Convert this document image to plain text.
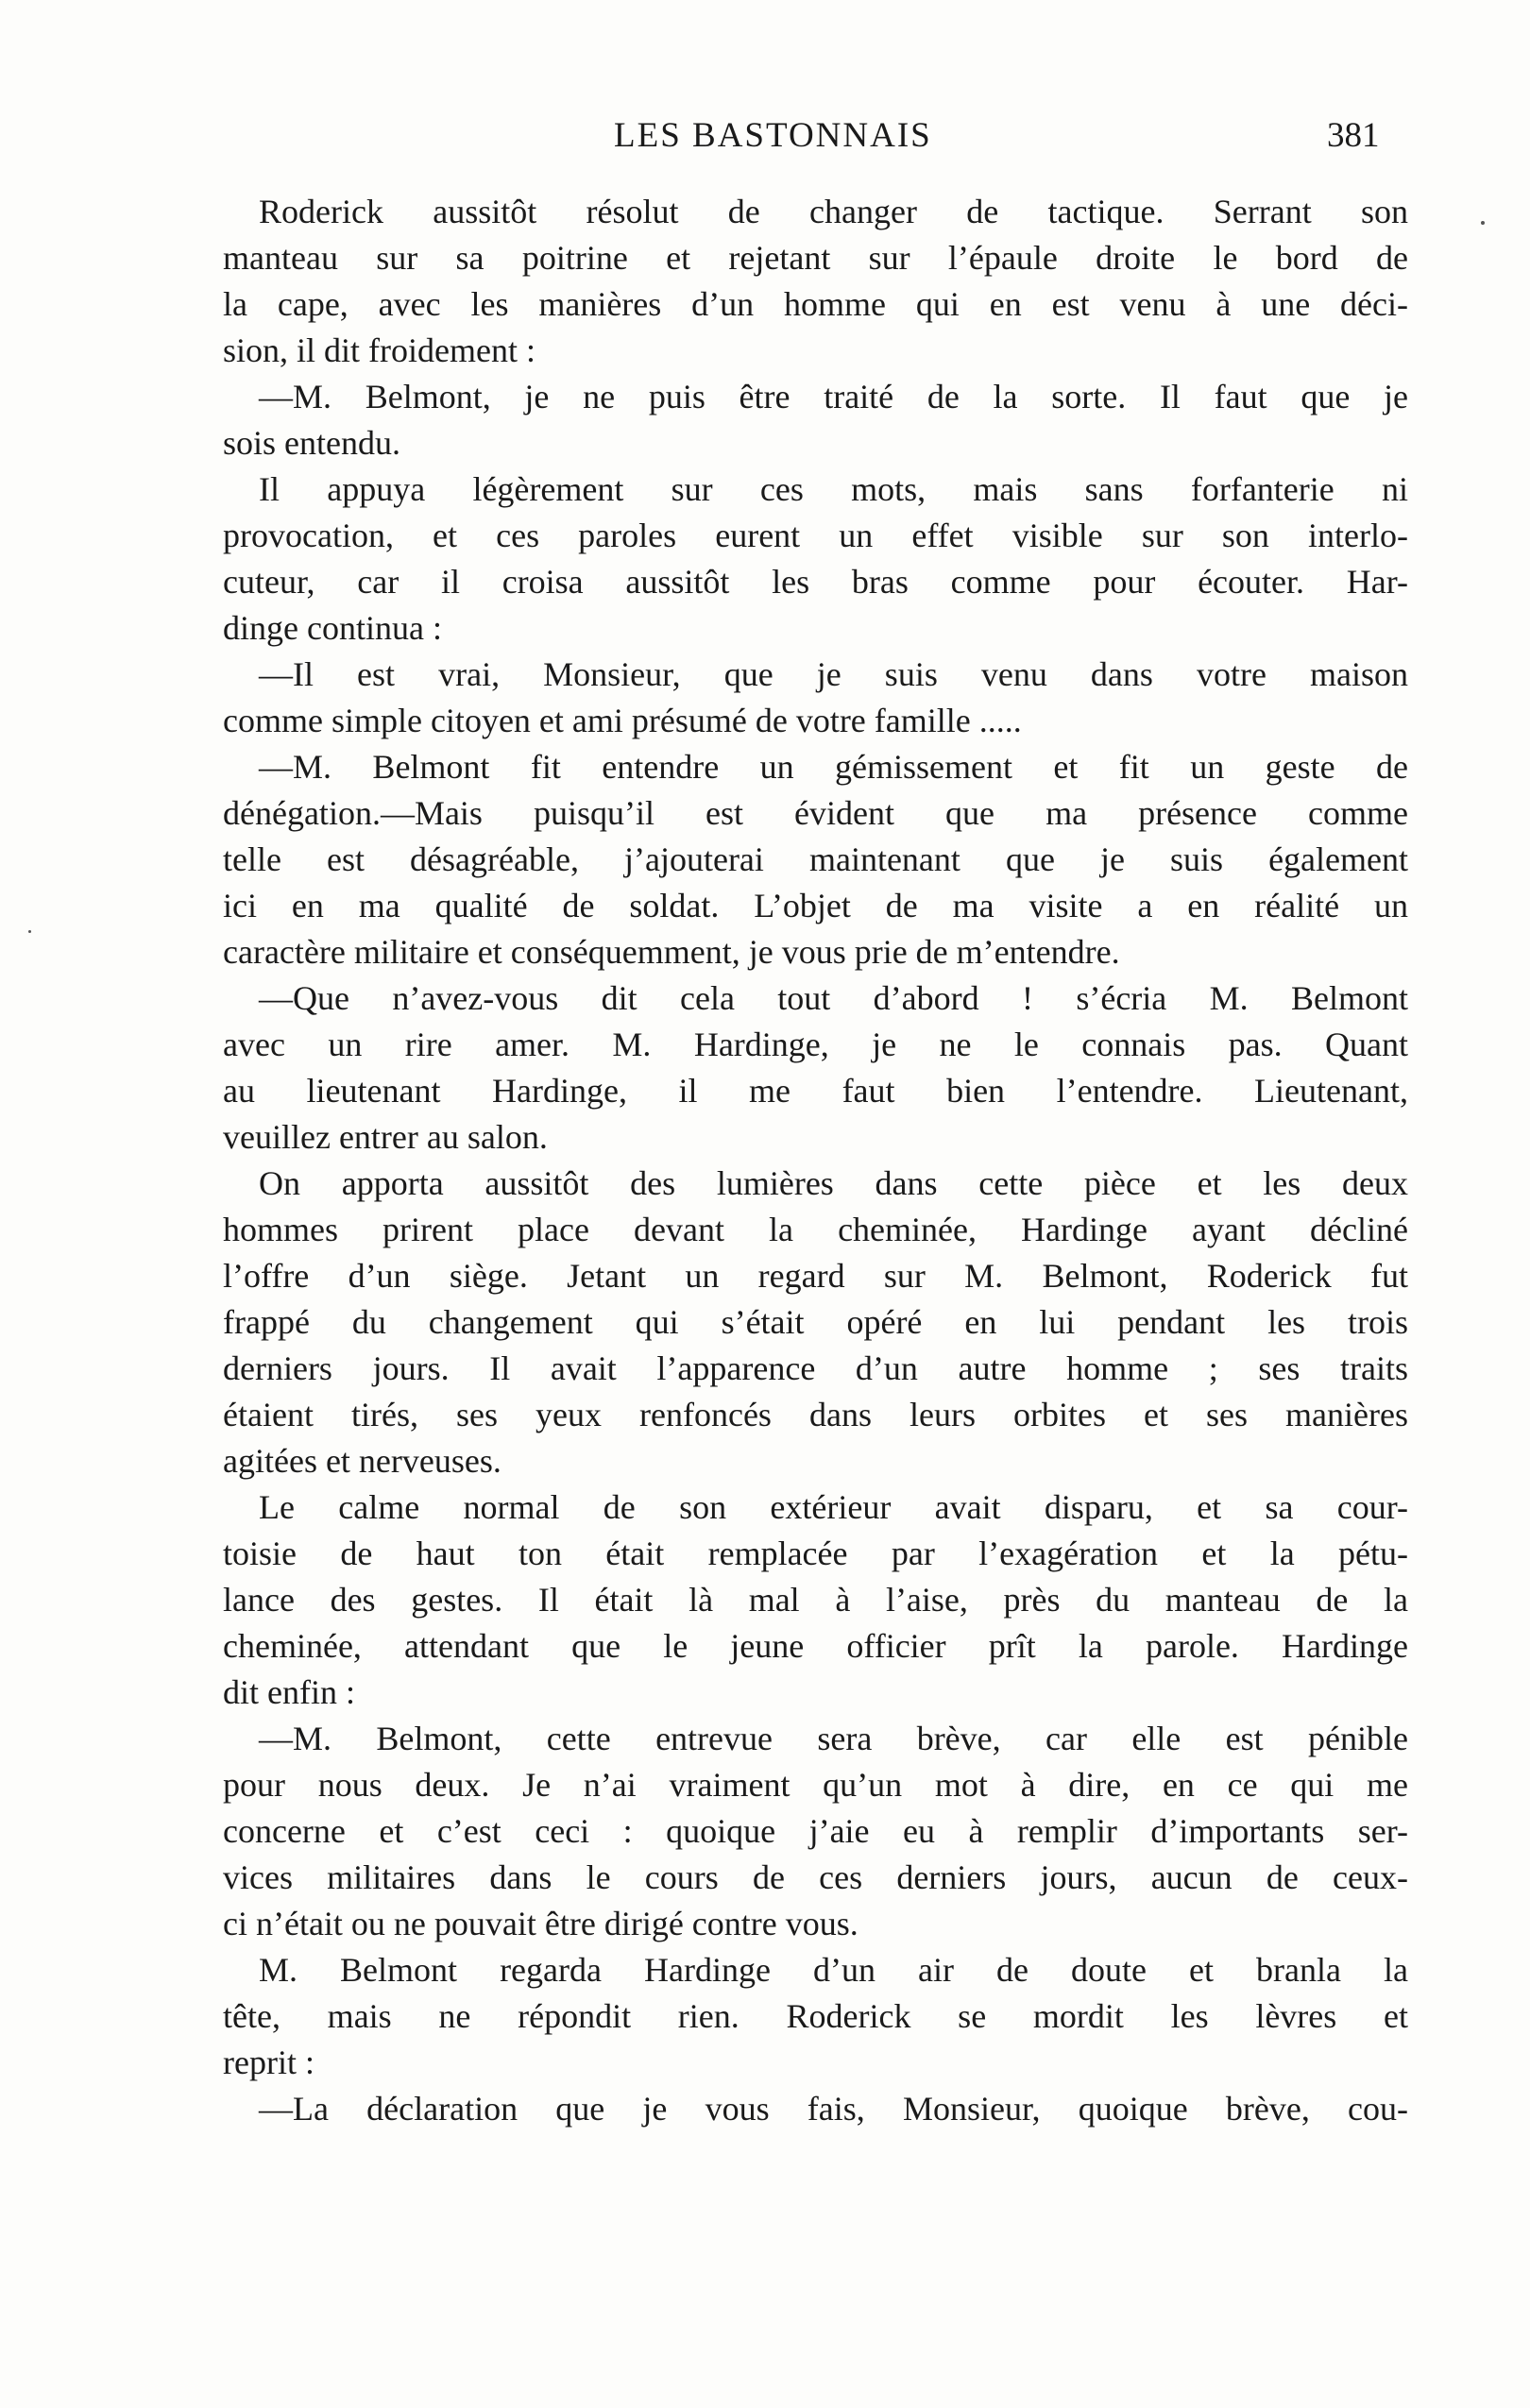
LES BASTONNAIS	381
Roderick aussitôt résolut de changer de tactique. Serrant son
manteau sur sa poitrine et rejetant sur l’épaule droite le bord de
la cape, avec les manières d’un homme qui en est venu à une déci-
sion, il dit froidement :
—M. Belmont, je ne puis être traité de la sorte. Il faut que je
sois entendu.
Il appuya légèrement sur ces mots, mais sans forfanterie ni
provocation, et ces paroles eurent un effet visible sur son interlo-
cuteur, car il croisa aussitôt les bras comme pour écouter. Har-
dinge continua :
—Il est vrai, Monsieur, que je suis venu dans votre maison
comme simple citoyen et ami présumé de votre famille .....
—M. Belmont fit entendre un gémissement et fit un geste de
dénégation.—Mais puisqu’il est évident que ma présence comme
telle est désagréable, j’ajouterai maintenant que je suis également
ici en ma qualité de soldat. L’objet de ma visite a en réalité un
caractère militaire et conséquemment, je vous prie de m’entendre.
—Que n’avez-vous dit cela tout d’abord ! s’écria M. Belmont
avec un rire amer. M. Hardinge, je ne le connais pas. Quant
au lieutenant Hardinge, il me faut bien l’entendre. Lieutenant,
veuillez entrer au salon.
On apporta aussitôt des lumières dans cette pièce et les deux
hommes prirent place devant la cheminée, Hardinge ayant décliné
l’offre d’un siège. Jetant un regard sur M. Belmont, Roderick fut
frappé du changement qui s’était opéré en lui pendant les trois
derniers jours. Il avait l’apparence d’un autre homme ; ses traits
étaient tirés, ses yeux renfoncés dans leurs orbites et ses manières
agitées et nerveuses.
Le calme normal de son extérieur avait disparu, et sa cour-
toisie de haut ton était remplacée par l’exagération et la pétu-
lance des gestes. Il était là mal à l’aise, près du manteau de la
cheminée, attendant que le jeune officier prît la parole. Hardinge
dit enfin :
—M. Belmont, cette entrevue sera brève, car elle est pénible
pour nous deux. Je n’ai vraiment qu’un mot à dire, en ce qui me
concerne et c’est ceci : quoique j’aie eu à remplir d’importants ser-
vices militaires dans le cours de ces derniers jours, aucun de ceux-
ci n’était ou ne pouvait être dirigé contre vous.
M. Belmont regarda Hardinge d’un air de doute et branla la
tête, mais ne répondit rien. Roderick se mordit les lèvres et
reprit :
—La déclaration que je vous fais, Monsieur, quoique brève, cou-
